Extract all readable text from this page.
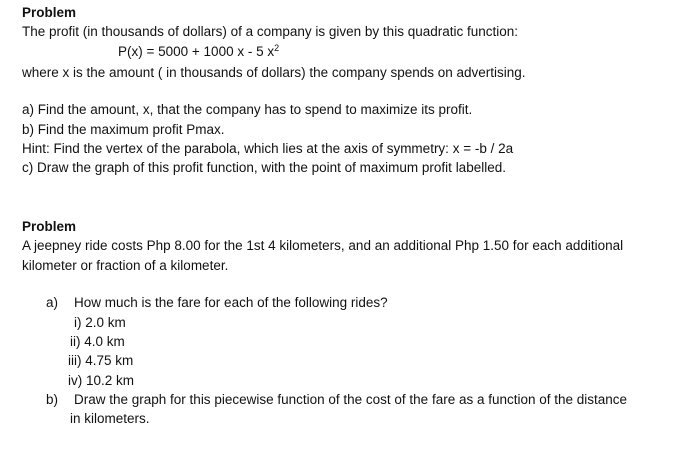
Problem
The profit (in thousands of dollars) of a company is given by this quadratic function:
P(x) = 5000 + 1000 x - 5 $x^2$
where x is the amount ( in thousands of dollars) the company spends on advertising.
a) Find the amount, x, that the company has to spend to maximize its profit.
b) Find the maximum profit Pmax.
Hint: Find the vertex of the parabola, which lies at the axis of symmetry: x = -b / 2a
c) Draw the graph of this profit function, with the point of maximum profit labelled.
Problem
A jeepney ride costs Php 8.00 for the 1st 4 kilometers, and an additional Php 1.50 for each additional
kilometer or fraction of a kilometer.
a) How much is the fare for each of the following rides?
i) 2.0 km
ii) 4.0 km
iii) 4.75 km
iv) 10.2 km
b) Draw the graph for this piecewise function of the cost of the fare as a function of the distance
in kilometers.
